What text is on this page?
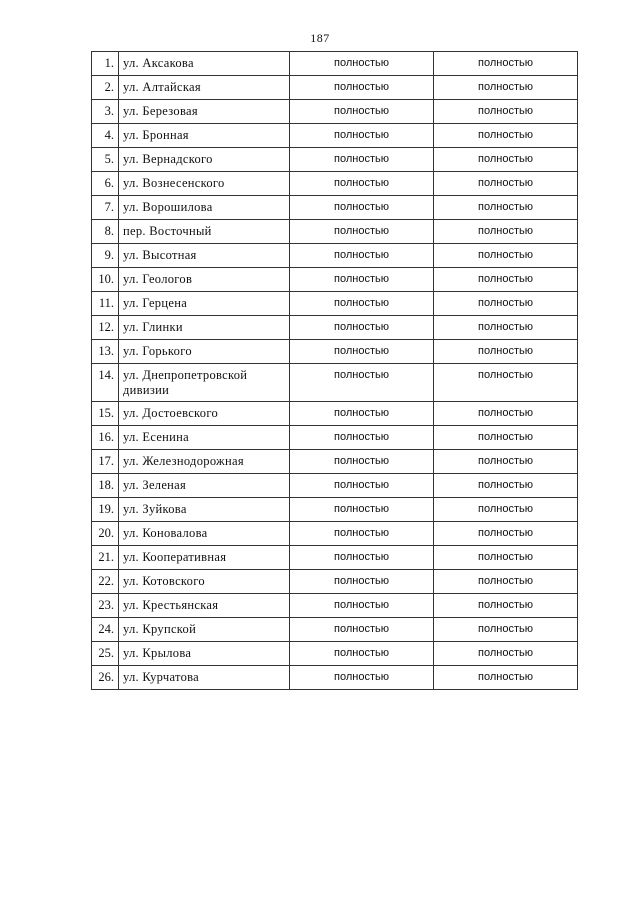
187
1.	ул. Аксакова	полностью	полностью
2.	ул. Алтайская	полностью	полностью
3.	ул. Березовая	полностью	полностью
4.	ул. Бронная	полностью	полностью
5.	ул. Вернадского	полностью	полностью
6.	ул. Вознесенского	полностью	полностью
7.	ул. Ворошилова	полностью	полностью
8.	пер. Восточный	полностью	полностью
9.	ул. Высотная	полностью	полностью
10.	ул. Геологов	полностью	полностью
11.	ул. Герцена	полностью	полностью
12.	ул. Глинки	полностью	полностью
13.	ул. Горького	полностью	полностью
14.	ул. Днепропетровской дивизии	полностью	полностью
15.	ул. Достоевского	полностью	полностью
16.	ул. Есенина	полностью	полностью
17.	ул. Железнодорожная	полностью	полностью
18.	ул. Зеленая	полностью	полностью
19.	ул. Зуйкова	полностью	полностью
20.	ул. Коновалова	полностью	полностью
21.	ул. Кооперативная	полностью	полностью
22.	ул. Котовского	полностью	полностью
23.	ул. Крестьянская	полностью	полностью
24.	ул. Крупской	полностью	полностью
25.	ул. Крылова	полностью	полностью
26.	ул. Курчатова	полностью	полностью
